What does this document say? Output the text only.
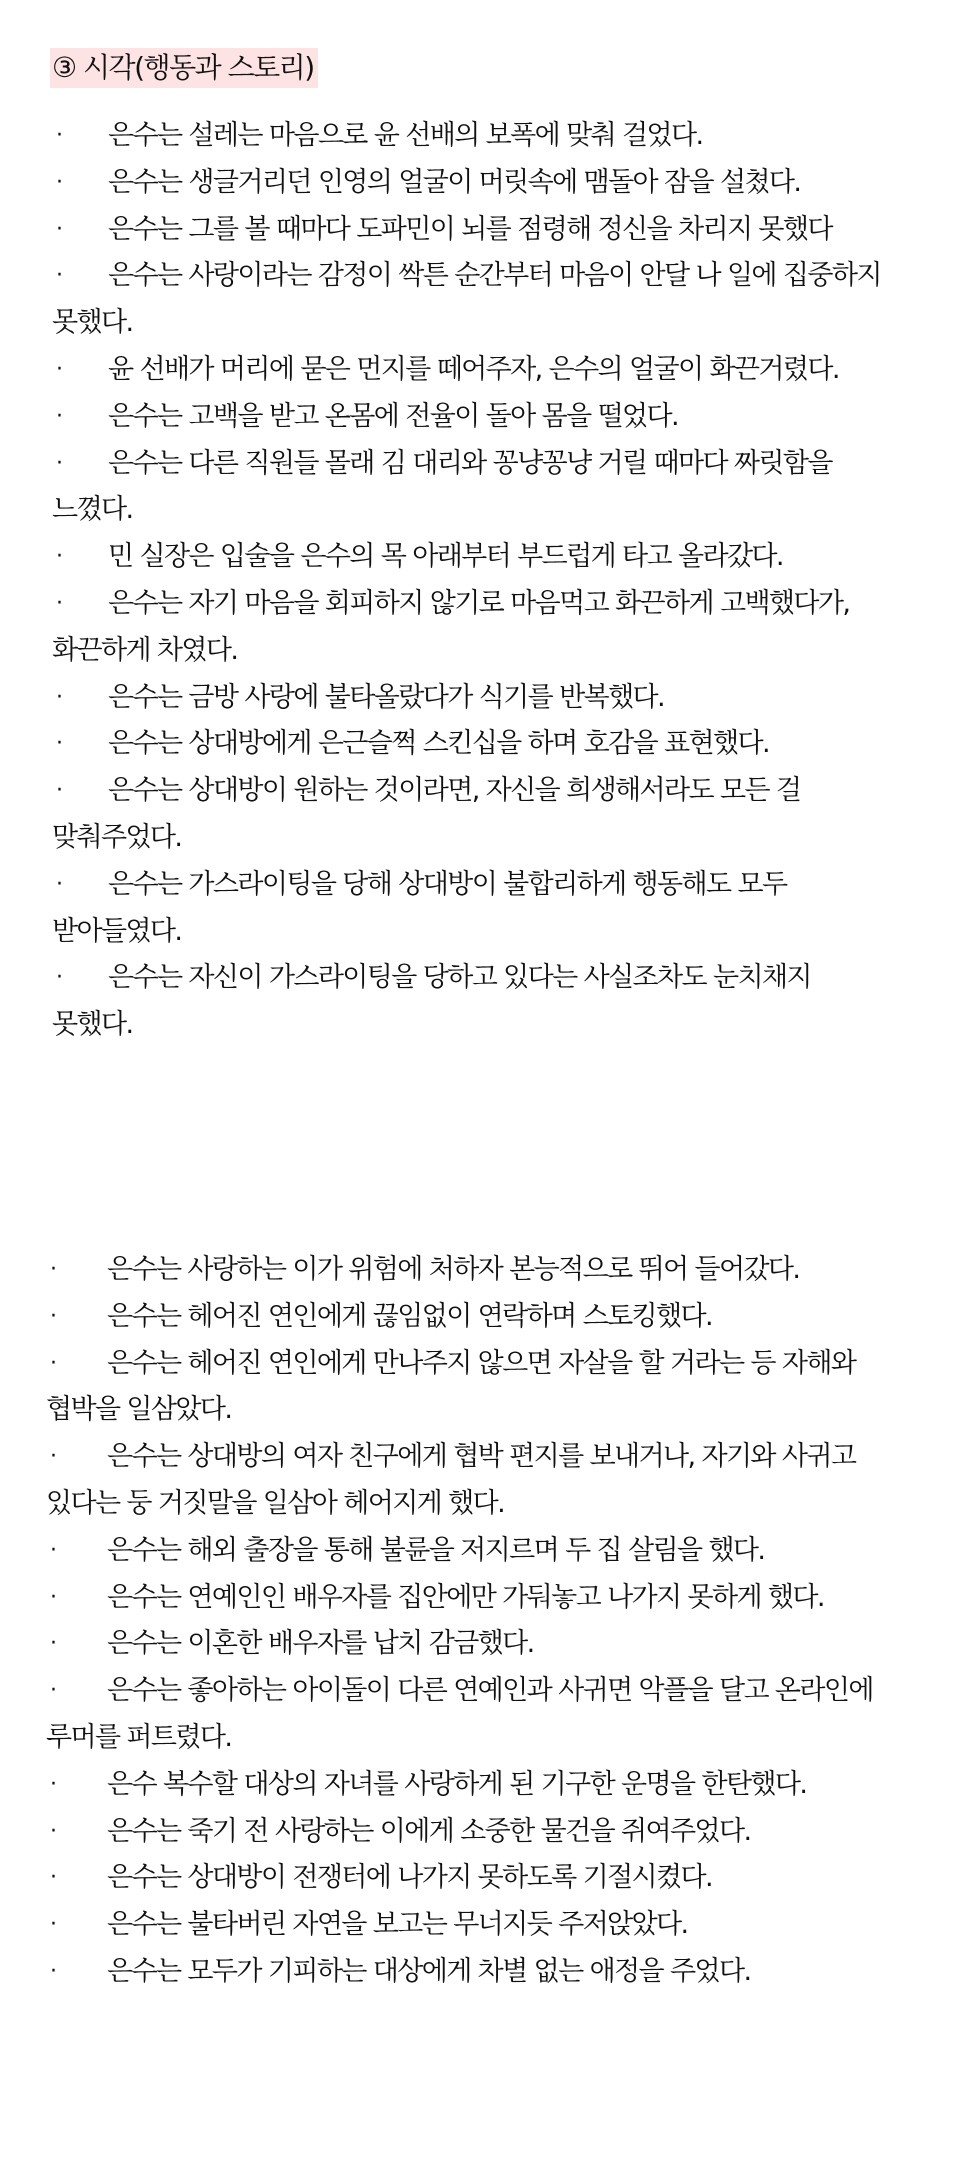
③ 시각(행동과 스토리)

· 은수는 설레는 마음으로 윤 선배의 보폭에 맞춰 걸었다.

· 은수는 생글거리던 인영의 얼굴이 머릿속에 맴돌아 잠을 설쳤다.

· 은수는 그를 볼 때마다 도파민이 뇌를 점령해 정신을 차리지 못했다

· 은수는 사랑이라는 감정이 싹튼 순간부터 마음이 안달 나 일에 집중하지 못했다.

· 윤 선배가 머리에 묻은 먼지를 떼어주자, 은수의 얼굴이 화끈거렸다.

· 은수는 고백을 받고 온몸에 전율이 돌아 몸을 떨었다.

· 은수는 다른 직원들 몰래 김 대리와 꽁냥꽁냥 거릴 때마다 짜릿함을 느꼈다.

· 민 실장은 입술을 은수의 목 아래부터 부드럽게 타고 올라갔다.

· 은수는 자기 마음을 회피하지 않기로 마음먹고 화끈하게 고백했다가, 화끈하게 차였다.

· 은수는 금방 사랑에 불타올랐다가 식기를 반복했다.

· 은수는 상대방에게 은근슬쩍 스킨십을 하며 호감을 표현했다.

· 은수는 상대방이 원하는 것이라면, 자신을 희생해서라도 모든 걸 맞춰주었다.

· 은수는 가스라이팅을 당해 상대방이 불합리하게 행동해도 모두 받아들였다.

· 은수는 자신이 가스라이팅을 당하고 있다는 사실조차도 눈치채지 못했다.

· 은수는 사랑하는 이가 위험에 처하자 본능적으로 뛰어 들어갔다.

· 은수는 헤어진 연인에게 끊임없이 연락하며 스토킹했다.

· 은수는 헤어진 연인에게 만나주지 않으면 자살을 할 거라는 등 자해와 협박을 일삼았다.

· 은수는 상대방의 여자 친구에게 협박 편지를 보내거나, 자기와 사귀고 있다는 둥 거짓말을 일삼아 헤어지게 했다.

· 은수는 해외 출장을 통해 불륜을 저지르며 두 집 살림을 했다.

· 은수는 연예인인 배우자를 집안에만 가둬놓고 나가지 못하게 했다.

· 은수는 이혼한 배우자를 납치 감금했다.

· 은수는 좋아하는 아이돌이 다른 연예인과 사귀면 악플을 달고 온라인에 루머를 퍼트렸다.

· 은수 복수할 대상의 자녀를 사랑하게 된 기구한 운명을 한탄했다.

· 은수는 죽기 전 사랑하는 이에게 소중한 물건을 쥐여주었다.

· 은수는 상대방이 전쟁터에 나가지 못하도록 기절시켰다.

· 은수는 불타버린 자연을 보고는 무너지듯 주저앉았다.

· 은수는 모두가 기피하는 대상에게 차별 없는 애정을 주었다.
